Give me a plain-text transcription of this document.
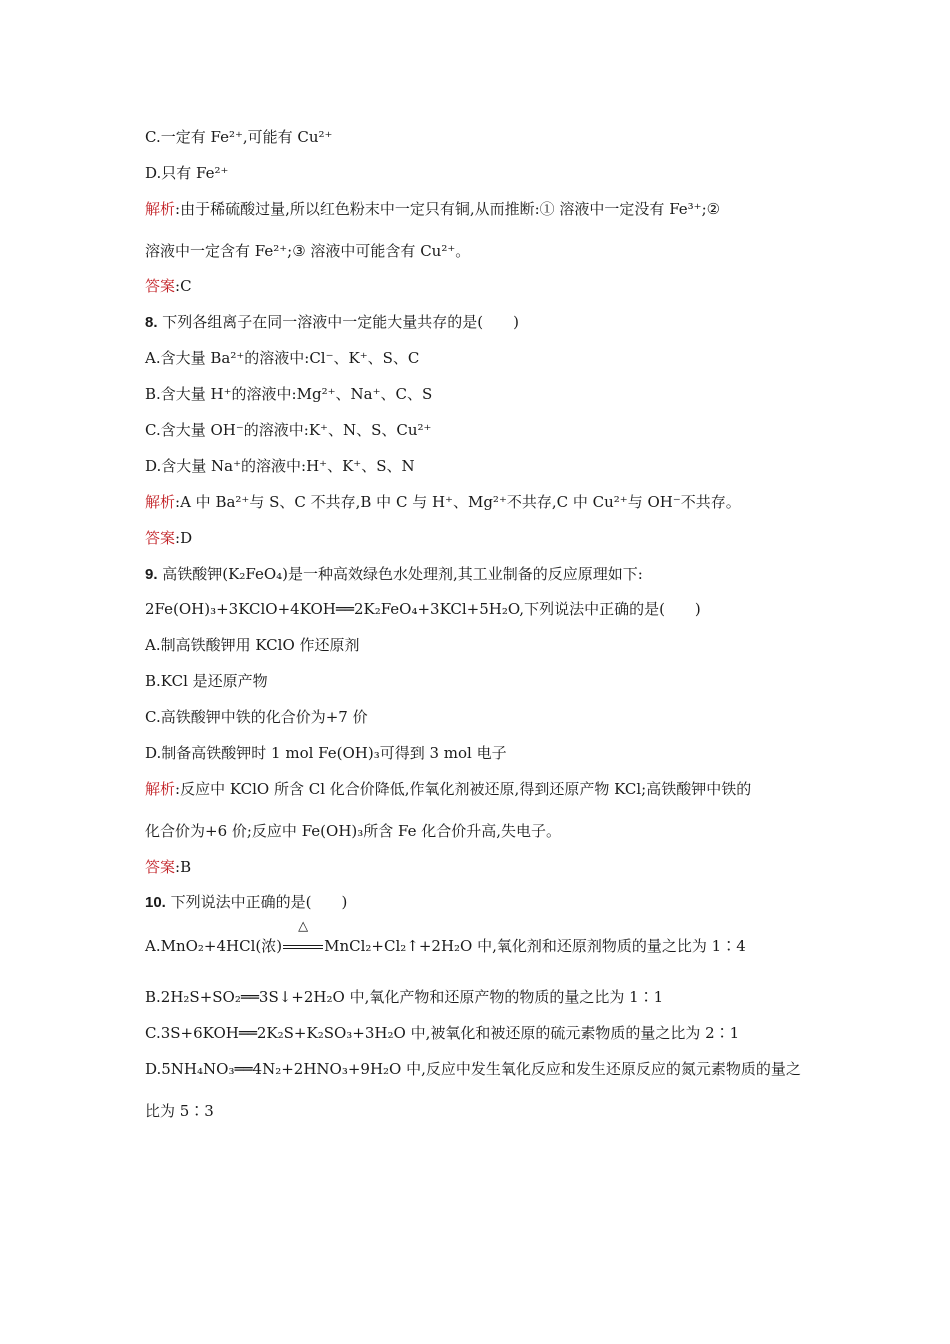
C.一定有 Fe²⁺,可能有 Cu²⁺
D.只有 Fe²⁺
解析:由于稀硫酸过量,所以红色粉末中一定只有铜,从而推断:① 溶液中一定没有 Fe³⁺;②
溶液中一定含有 Fe²⁺;③ 溶液中可能含有 Cu²⁺。
答案:C
8. 下列各组离子在同一溶液中一定能大量共存的是(　　)
A.含大量 Ba²⁺的溶液中:Cl⁻、K⁺、S、C
B.含大量 H⁺的溶液中:Mg²⁺、Na⁺、C、S
C.含大量 OH⁻的溶液中:K⁺、N、S、Cu²⁺
D.含大量 Na⁺的溶液中:H⁺、K⁺、S、N
解析:A 中 Ba²⁺与 S、C 不共存,B 中 C 与 H⁺、Mg²⁺不共存,C 中 Cu²⁺与 OH⁻不共存。
答案:D
9. 高铁酸钾(K₂FeO₄)是一种高效绿色水处理剂,其工业制备的反应原理如下:
2Fe(OH)₃+3KClO+4KOH══2K₂FeO₄+3KCl+5H₂O,下列说法中正确的是(　　)
A.制高铁酸钾用 KClO 作还原剂
B.KCl 是还原产物
C.高铁酸钾中铁的化合价为+7 价
D.制备高铁酸钾时 1 mol Fe(OH)₃可得到 3 mol 电子
解析:反应中 KClO 所含 Cl 化合价降低,作氧化剂被还原,得到还原产物 KCl;高铁酸钾中铁的
化合价为+6 价;反应中 Fe(OH)₃所含 Fe 化合价升高,失电子。
答案:B
10. 下列说法中正确的是(　　)
A.MnO₂+4HCl(浓)
△
MnCl₂+Cl₂↑+2H₂O 中,氧化剂和还原剂物质的量之比为 1∶4
B.2H₂S+SO₂══3S↓+2H₂O 中,氧化产物和还原产物的物质的量之比为 1∶1
C.3S+6KOH══2K₂S+K₂SO₃+3H₂O 中,被氧化和被还原的硫元素物质的量之比为 2∶1
D.5NH₄NO₃══4N₂+2HNO₃+9H₂O 中,反应中发生氧化反应和发生还原反应的氮元素物质的量之
比为 5∶3
